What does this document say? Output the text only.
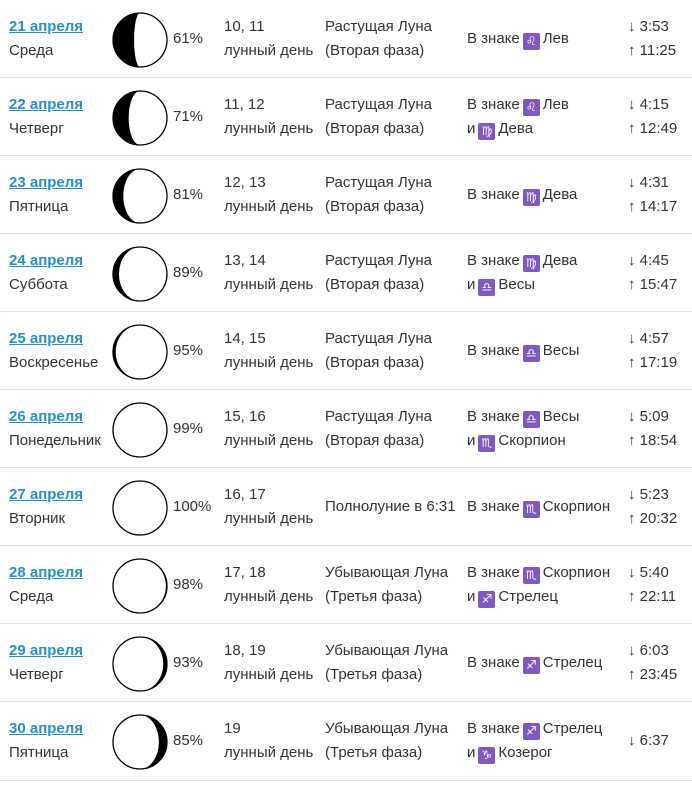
21 апреля
Среда
61%
10, 11
лунный день
Растущая Луна
(Вторая фаза)
В знаке ♌ Лев
↓ 3:53
↑ 11:25
22 апреля
Четверг
71%
11, 12
лунный день
Растущая Луна
(Вторая фаза)
В знаке ♌ Лев
и ♍ Дева
↓ 4:15
↑ 12:49
23 апреля
Пятница
81%
12, 13
лунный день
Растущая Луна
(Вторая фаза)
В знаке ♍ Дева
↓ 4:31
↑ 14:17
24 апреля
Суббота
89%
13, 14
лунный день
Растущая Луна
(Вторая фаза)
В знаке ♍ Дева
и ♎ Весы
↓ 4:45
↑ 15:47
25 апреля
Воскресенье
95%
14, 15
лунный день
Растущая Луна
(Вторая фаза)
В знаке ♎ Весы
↓ 4:57
↑ 17:19
26 апреля
Понедельник
99%
15, 16
лунный день
Растущая Луна
(Вторая фаза)
В знаке ♎ Весы
и ♏ Скорпион
↓ 5:09
↑ 18:54
27 апреля
Вторник
100%
16, 17
лунный день
Полнолуние в 6:31 В знаке ♏ Скорпион
↓ 5:23
↑ 20:32
28 апреля
Среда
98%
17, 18
лунный день
Убывающая Луна
(Третья фаза)
В знаке ♏ Скорпион
и ♐ Стрелец
↓ 5:40
↑ 22:11
29 апреля
Четверг
93%
18, 19
лунный день
Убывающая Луна
(Третья фаза)
В знаке ♐ Стрелец
↓ 6:03
↑ 23:45
30 апреля
Пятница
85%
19
лунный день
Убывающая Луна
(Третья фаза)
В знаке ♐ Стрелец
и ♑ Козерог
↓ 6:37
